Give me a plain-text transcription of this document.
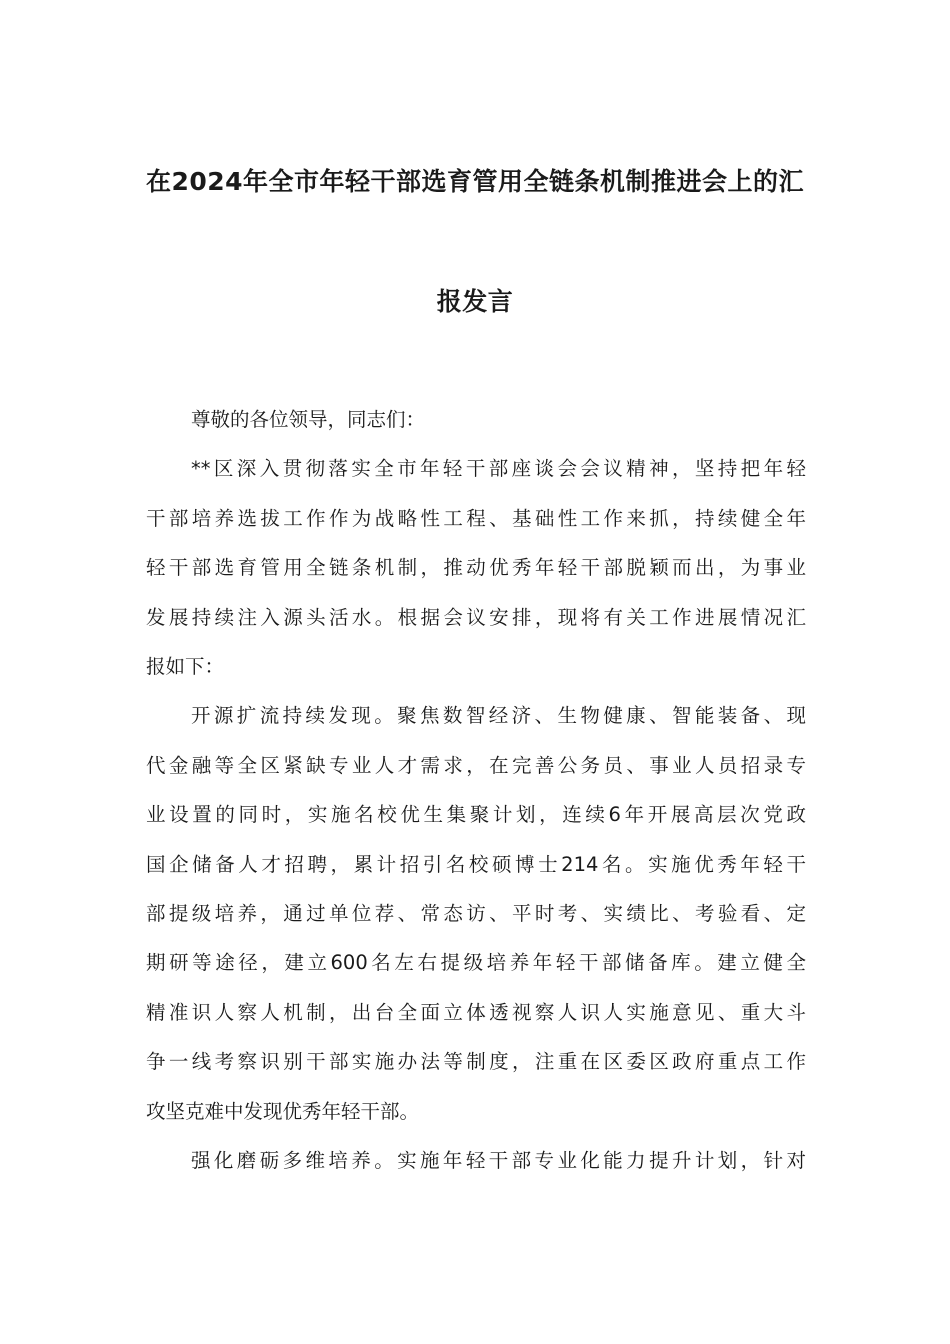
在2024年全市年轻干部选育管用全链条机制推进会上的汇
报发言
尊敬的各位领导，同志们：
**区深入贯彻落实全市年轻干部座谈会会议精神，坚持把年轻
干部培养选拔工作作为战略性工程、基础性工作来抓，持续健全年
轻干部选育管用全链条机制，推动优秀年轻干部脱颖而出，为事业
发展持续注入源头活水。根据会议安排，现将有关工作进展情况汇
报如下：
开源扩流持续发现。聚焦数智经济、生物健康、智能装备、现
代金融等全区紧缺专业人才需求，在完善公务员、事业人员招录专
业设置的同时，实施名校优生集聚计划，连续6年开展高层次党政
国企储备人才招聘，累计招引名校硕博士214名。实施优秀年轻干
部提级培养，通过单位荐、常态访、平时考、实绩比、考验看、定
期研等途径，建立600名左右提级培养年轻干部储备库。建立健全
精准识人察人机制，出台全面立体透视察人识人实施意见、重大斗
争一线考察识别干部实施办法等制度，注重在区委区政府重点工作
攻坚克难中发现优秀年轻干部。
强化磨砺多维培养。实施年轻干部专业化能力提升计划，针对
